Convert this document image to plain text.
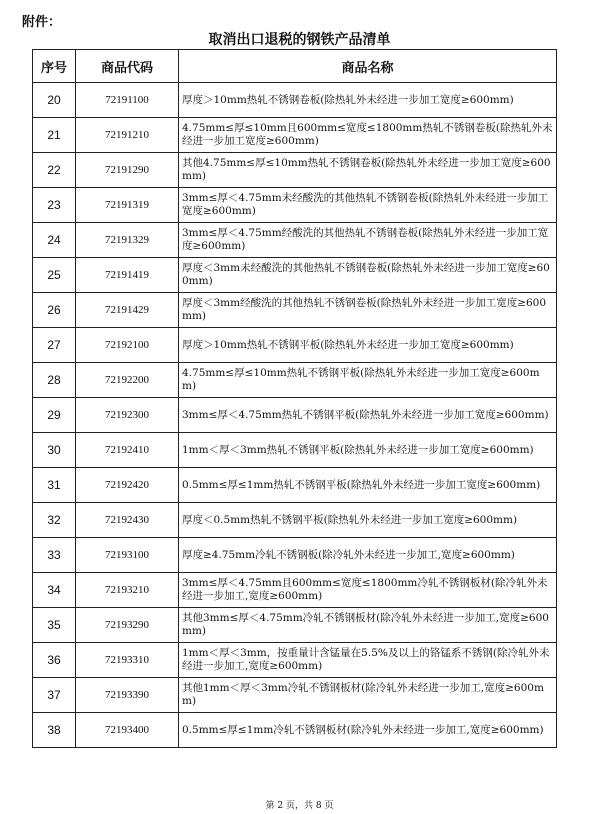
附件：
取消出口退税的钢铁产品清单
序号	商品代码	商品名称
20	72191100	厚度＞10mm热轧不锈钢卷板(除热轧外未经进一步加工宽度≥600mm)
21	72191210	4.75mm≤厚≤10mm且600mm≤宽度≤1800mm热轧不锈钢卷板(除热轧外未经进一步加工宽度≥600mm)
22	72191290	其他4.75mm≤厚≤10mm热轧不锈钢卷板(除热轧外未经进一步加工宽度≥600mm)
23	72191319	3mm≤厚＜4.75mm未经酸洗的其他热轧不锈钢卷板(除热轧外未经进一步加工宽度≥600mm)
24	72191329	3mm≤厚＜4.75mm经酸洗的其他热轧不锈钢卷板(除热轧外未经进一步加工宽度≥600mm)
25	72191419	厚度＜3mm未经酸洗的其他热轧不锈钢卷板(除热轧外未经进一步加工宽度≥600mm)
26	72191429	厚度＜3mm经酸洗的其他热轧不锈钢卷板(除热轧外未经进一步加工宽度≥600mm)
27	72192100	厚度＞10mm热轧不锈钢平板(除热轧外未经进一步加工宽度≥600mm)
28	72192200	4.75mm≤厚≤10mm热轧不锈钢平板(除热轧外未经进一步加工宽度≥600mm)
29	72192300	3mm≤厚＜4.75mm热轧不锈钢平板(除热轧外未经进一步加工宽度≥600mm)
30	72192410	1mm＜厚＜3mm热轧不锈钢平板(除热轧外未经进一步加工宽度≥600mm)
31	72192420	0.5mm≤厚≤1mm热轧不锈钢平板(除热轧外未经进一步加工宽度≥600mm)
32	72192430	厚度＜0.5mm热轧不锈钢平板(除热轧外未经进一步加工宽度≥600mm)
33	72193100	厚度≥4.75mm冷轧不锈钢板(除冷轧外未经进一步加工,宽度≥600mm)
34	72193210	3mm≤厚＜4.75mm且600mm≤宽度≤1800mm冷轧不锈钢板材(除冷轧外未经进一步加工,宽度≥600mm)
35	72193290	其他3mm≤厚＜4.75mm冷轧不锈钢板材(除冷轧外未经进一步加工,宽度≥600mm)
36	72193310	1mm＜厚＜3mm，按重量计含锰量在5.5%及以上的铬锰系不锈钢(除冷轧外未经进一步加工,宽度≥600mm)
37	72193390	其他1mm＜厚＜3mm冷轧不锈钢板材(除冷轧外未经进一步加工,宽度≥600mm)
38	72193400	0.5mm≤厚≤1mm冷轧不锈钢板材(除冷轧外未经进一步加工,宽度≥600mm)
第 2 页，共 8 页
